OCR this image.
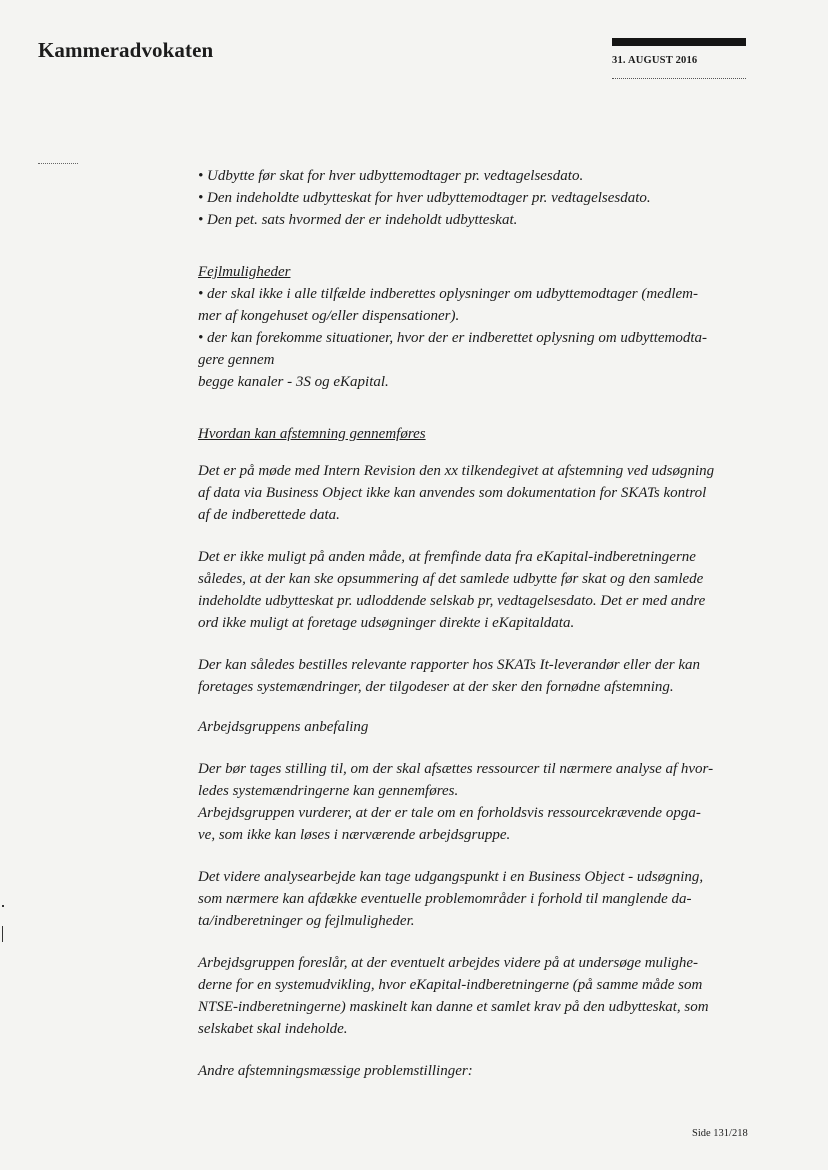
Kammeradvokaten	31. AUGUST 2016

• Udbytte før skat for hver udbyttemodtager pr. vedtagelsesdato.

• Den indeholdte udbytteskat for hver udbyttemodtager pr. vedtagelsesdato.

• Den pet. sats hvormed der er indeholdt udbytteskat.

Fejlmuligheder

• der skal ikke i alle tilfælde indberettes oplysninger om udbyttemodtager (medlem-

mer af kongehuset og/eller dispensationer).

• der kan forekomme situationer, hvor der er indberettet oplysning om udbyttemodta-

gere gennem

begge kanaler - 3S og eKapital.

Hvordan kan afstemning gennemføres

Det er på møde med Intern Revision den xx tilkendegivet at afstemning ved udsøgning

af data via Business Object ikke kan anvendes som dokumentation for SKATs kontrol

af de indberettede data.

Det er ikke muligt på anden måde, at fremfinde data fra eKapital-indberetningerne

således, at der kan ske opsummering af det samlede udbytte før skat og den samlede

indeholdte udbytteskat pr. udloddende selskab pr, vedtagelsesdato. Det er med andre

ord ikke muligt at foretage udsøgninger direkte i eKapitaldata.

Der kan således bestilles relevante rapporter hos SKATs It-leverandør eller der kan

foretages systemændringer, der tilgodeser at der sker den fornødne afstemning.

Arbejdsgruppens anbefaling

Der bør tages stilling til, om der skal afsættes ressourcer til nærmere analyse af hvor-

ledes systemændringerne kan gennemføres.

Arbejdsgruppen vurderer, at der er tale om en forholdsvis ressourcekrævende opga-

ve, som ikke kan løses i nærværende arbejdsgruppe.

Det videre analysearbejde kan tage udgangspunkt i en Business Object - udsøgning,

som nærmere kan afdække eventuelle problemområder i forhold til manglende da-

ta/indberetninger og fejlmuligheder.

Arbejdsgruppen foreslår, at der eventuelt arbejdes videre på at undersøge mulighe-

derne for en systemudvikling, hvor eKapital-indberetningerne (på samme måde som

NTSE-indberetningerne) maskinelt kan danne et samlet krav på den udbytteskat, som

selskabet skal indeholde.

Andre afstemningsmæssige problemstillinger:

Side 131/218
